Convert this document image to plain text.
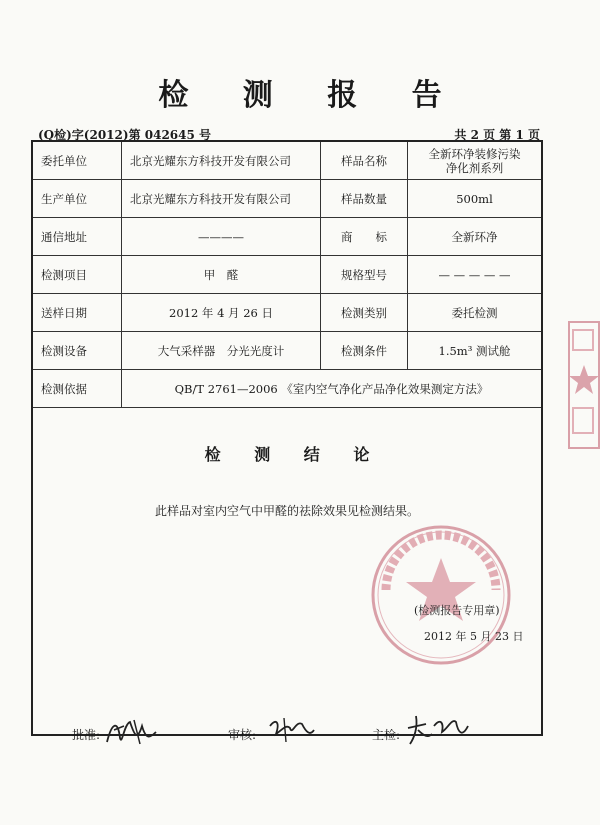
检 测 报 告
(Q检)字(2012)第 042645 号	共 2 页 第 1 页
委托单位	北京光耀东方科技开发有限公司	样品名称	全新环净装修污染
净化剂系列
生产单位	北京光耀东方科技开发有限公司	样品数量	500ml
通信地址	————	商　　标	全新环净
检测项目	甲　醛	规格型号	— — — — —
送样日期	2012 年 4 月 26 日	检测类别	委托检测
检测设备	大气采样器　分光光度计	检测条件	1.5m³ 测试舱
检测依据	QB/T 2761—2006 《室内空气净化产品净化效果测定方法》		
检 测 结 论
此样品对室内空气中甲醛的祛除效果见检测结果。
(检测报告专用章)
2012 年 5 月 23 日
批准:	审核:	主检:
